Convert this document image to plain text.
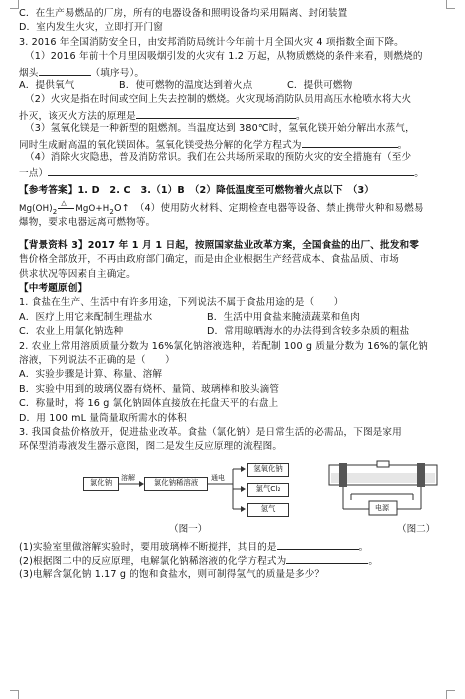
C．在生产易燃品的厂房，所有的电器设备和照明设备均采用隔离、封闭装置
D．室内发生火灾，立即打开门窗
3. 2016 年全国消防安全日，由安邦消防局统计今年前十月全国火灾 4 项指数全面下降。
（1）2016 年前十个月里因吸烟引发的火灾有 1.2 万起，从物质燃烧的条件来看，则燃烧的
烟头	（填序号）。
A．提供氧气	B．使可燃物的温度达到着火点	C．提供可燃物
（2）火灾是指在时间或空间上失去控制的燃烧。火灾现场消防队员用高压水枪喷水将大火
扑灭，该灭火方法的原理是	。
（3）氢氧化镁是一种新型的阻燃剂。当温度达到 380℃时，氢氧化镁开始分解出水蒸气，
同时生成耐高温的氧化镁固体。氢氧化镁受热分解的化学方程式为	。
（4）消除火灾隐患，普及消防常识。我们在公共场所采取的预防火灾的安全措施有（至少
一点）	。
【参考答案】1. D　2. C　3.（1）B　（2）降低温度至可燃物着火点以下　（3）
$Mg(OH)_2$
△
$MgO+H_2O↑$　（4）使用防火材料、定期检查电器等设备、禁止携带火种和易燃易
爆物，要求电器远离可燃物等。
【背景资料 3】2017 年 1 月 1 日起，按照国家盐业改革方案，全国食盐的出厂、批发和零
售价格全部放开，不再由政府部门确定，而是由企业根据生产经营成本、食盐品质、市场
供求状况等因素自主确定。
【中考题原创】
1. 食盐在生产、生活中有许多用途，下列说法不属于食盐用途的是（　　）
A．医疗上用它来配制生理盐水	B．生活中用食盐来腌渍蔬菜和鱼肉
C．农业上用氯化钠选种	D．常用晾晒海水的办法得到含较多杂质的粗盐
2. 农业上常用溶质质量分数为 16%氯化钠溶液选种，若配制 100 g 质量分数为 16%的氯化钠
溶液，下列说法不正确的是（　　）
A．实验步骤是计算、称量、溶解
B．实验中用到的玻璃仪器有烧杯、量筒、玻璃棒和胶头滴管
C．称量时，将 16 g 氯化钠固体直接放在托盘天平的右盘上
D．用 100 mL 量筒量取所需水的体积
3. 我国食盐价格放开，促进盐业改革。食盐（氯化钠）是日常生活的必需品，下图是家用
环保型消毒液发生器示意图，图二是发生反应原理的流程图。
氯化钠	溶解	氯化钠稀溶液	通电
氢氧化钠
氯气Cl₂
氢气	电源
（图一）	（图二）
(1)实验室里做溶解实验时，要用玻璃棒不断搅拌，其目的是	。
(2)根据图二中的反应原理，电解氯化钠稀溶液的化学方程式为	。
(3)电解含氯化钠 1.17 g 的饱和食盐水，则可制得氢气的质量是多少？
